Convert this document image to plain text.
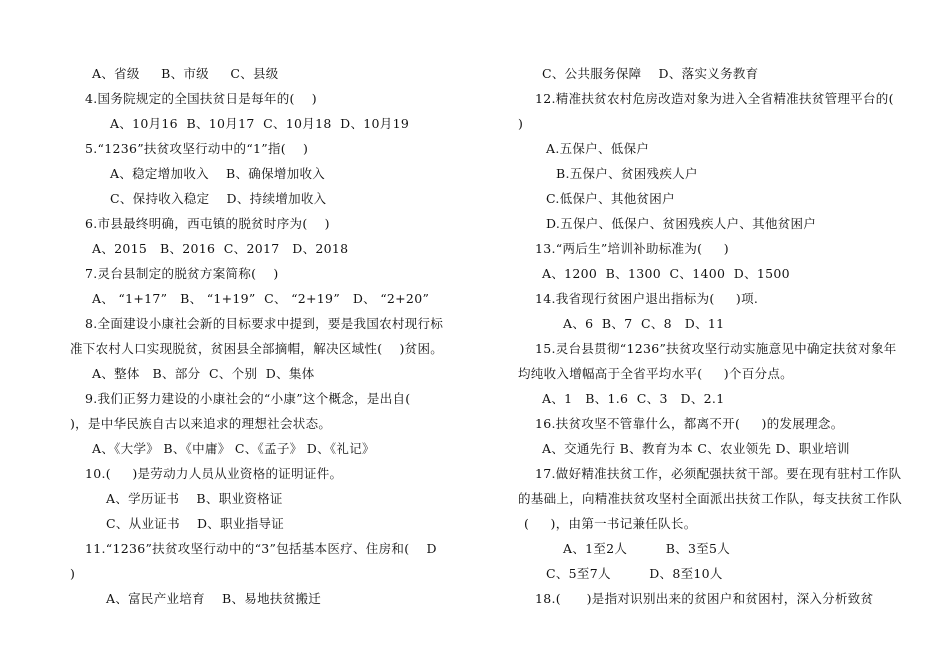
A、省级     B、市级     C、县级
4.国务院规定的全国扶贫日是每年的(    )
A、10月16  B、10月17  C、10月18  D、10月19
5.“1236”扶贫攻坚行动中的“1”指(    )
A、稳定增加收入    B、确保增加收入
C、保持收入稳定    D、持续增加收入
6.市县最终明确，西屯镇的脱贫时序为(    )
A、2015   B、2016  C、2017   D、2018
7.灵台县制定的脱贫方案简称(    )
A、 “1+17”   B、 “1+19”  C、 “2+19”   D、 “2+20”
8.全面建设小康社会新的目标要求中提到，要是我国农村现行标
准下农村人口实现脱贫，贫困县全部摘帽，解决区域性(    )贫困。
A、整体   B、部分  C、个别  D、集体
9.我们正努力建设的小康社会的“小康”这个概念，是出自(
)，是中华民族自古以来追求的理想社会状态。
A、《大学》 B、《中庸》 C、《孟子》 D、《礼记》
10.(     )是劳动力人员从业资格的证明证件。
A、学历证书    B、职业资格证
C、从业证书    D、职业指导证
11.“1236”扶贫攻坚行动中的“3”包括基本医疗、住房和(    D
)
A、富民产业培育    B、易地扶贫搬迁
C、公共服务保障    D、落实义务教育
12.精准扶贫农村危房改造对象为进入全省精准扶贫管理平台的(
)
A.五保户、低保户
B.五保户、贫困残疾人户
C.低保户、其他贫困户
D.五保户、低保户、贫困残疾人户、其他贫困户
13.“两后生”培训补助标准为(     )
A、1200  B、1300  C、1400  D、1500
14.我省现行贫困户退出指标为(     )项.
A、6  B、7  C、8   D、11
15.灵台县贯彻“1236”扶贫攻坚行动实施意见中确定扶贫对象年
均纯收入增幅高于全省平均水平(     )个百分点。
A、1   B、1.6  C、3   D、2.1
16.扶贫攻坚不管靠什么，都离不开(     )的发展理念。
A、交通先行 B、教育为本 C、农业领先 D、职业培训
17.做好精准扶贫工作，必须配强扶贫干部。要在现有驻村工作队
的基础上，向精准扶贫攻坚村全面派出扶贫工作队，每支扶贫工作队
(     )，由第一书记兼任队长。
A、1至2人         B、3至5人
C、5至7人         D、8至10人
18.(      )是指对识别出来的贫困户和贫困村，深入分析致贫
